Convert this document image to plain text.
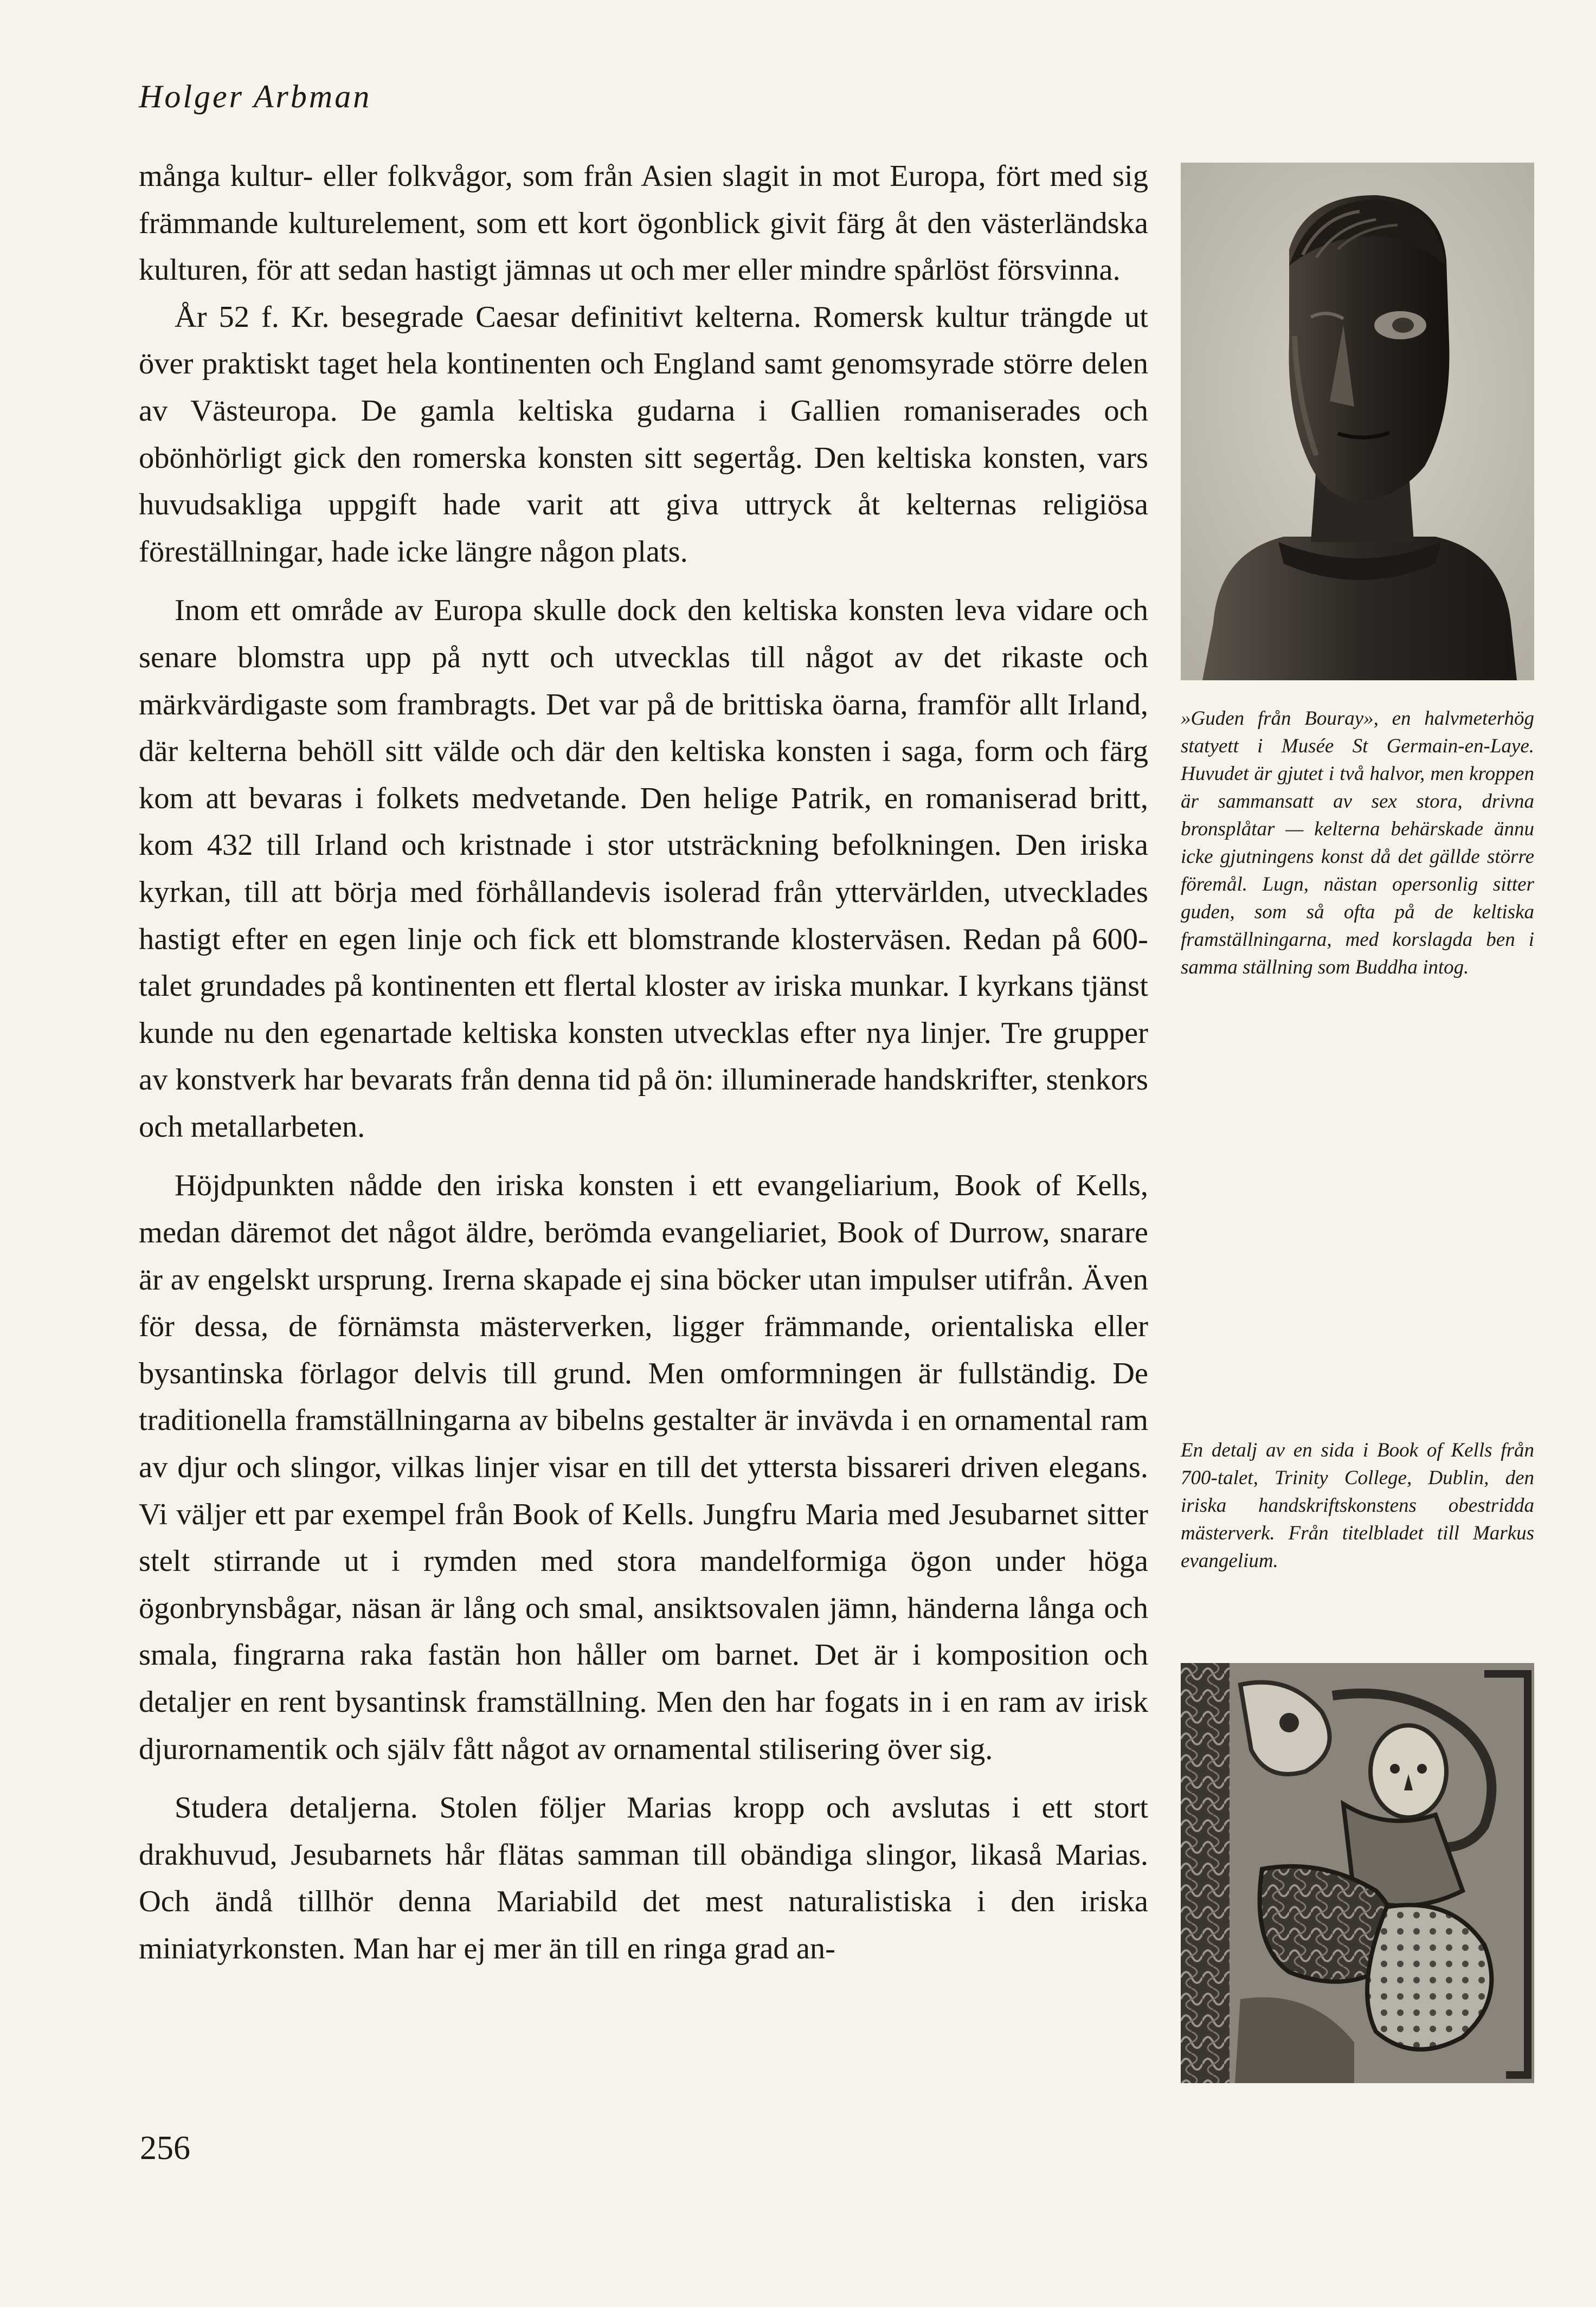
Holger Arbman

många kultur- eller folkvågor, som från Asien slagit in mot Europa, fört med sig främmande kulturelement, som ett kort ögonblick givit färg åt den västerländska kulturen, för att sedan hastigt jämnas ut och mer eller mindre spårlöst försvinna.

År 52 f. Kr. besegrade Caesar definitivt kelterna. Romersk kultur trängde ut över praktiskt taget hela kontinenten och England samt genomsyrade större delen av Västeuropa. De gamla keltiska gudarna i Gallien romaniserades och obönhörligt gick den romerska konsten sitt segertåg. Den keltiska konsten, vars huvudsakliga uppgift hade varit att giva uttryck åt kelternas religiösa föreställningar, hade icke längre någon plats.

Inom ett område av Europa skulle dock den keltiska konsten leva vidare och senare blomstra upp på nytt och utvecklas till något av det rikaste och märkvärdigaste som frambragts. Det var på de brittiska öarna, framför allt Irland, där kelterna behöll sitt välde och där den keltiska konsten i saga, form och färg kom att bevaras i folkets medvetande. Den helige Patrik, en romaniserad britt, kom 432 till Irland och kristnade i stor utsträckning befolkningen. Den iriska kyrkan, till att börja med förhållandevis isolerad från yttervärlden, utvecklades hastigt efter en egen linje och fick ett blomstrande klosterväsen. Redan på 600-talet grundades på kontinenten ett flertal kloster av iriska munkar. I kyrkans tjänst kunde nu den egenartade keltiska konsten utvecklas efter nya linjer. Tre grupper av konstverk har bevarats från denna tid på ön: illuminerade handskrifter, stenkors och metallarbeten.

Höjdpunkten nådde den iriska konsten i ett evangeliarium, Book of Kells, medan däremot det något äldre, berömda evangeliariet, Book of Durrow, snarare är av engelskt ursprung. Irerna skapade ej sina böcker utan impulser utifrån. Även för dessa, de förnämsta mästerverken, ligger främmande, orientaliska eller bysantinska förlagor delvis till grund. Men omformningen är fullständig. De traditionella framställningarna av bibelns gestalter är invävda i en ornamental ram av djur och slingor, vilkas linjer visar en till det yttersta bissareri driven elegans. Vi väljer ett par exempel från Book of Kells. Jungfru Maria med Jesubarnet sitter stelt stirrande ut i rymden med stora mandelformiga ögon under höga ögonbrynsbågar, näsan är lång och smal, ansiktsovalen jämn, händerna långa och smala, fingrarna raka fastän hon håller om barnet. Det är i komposition och detaljer en rent bysantinsk framställning. Men den har fogats in i en ram av irisk djurornamentik och själv fått något av ornamental stilisering över sig.

Studera detaljerna. Stolen följer Marias kropp och avslutas i ett stort drakhuvud, Jesubarnets hår flätas samman till obändiga slingor, likaså Marias. Och ändå tillhör denna Mariabild det mest naturalistiska i den iriska miniatyrkonsten. Man har ej mer än till en ringa grad an-

»Guden från Bouray», en halvmeterhög statyett i Musée St Germain-en-Laye. Huvudet är gjutet i två halvor, men kroppen är sammansatt av sex stora, drivna bronsplåtar — kelterna behärskade ännu icke gjutningens konst då det gällde större föremål. Lugn, nästan opersonlig sitter guden, som så ofta på de keltiska framställningarna, med korslagda ben i samma ställning som Buddha intog.
En detalj av en sida i Book of Kells från 700-talet, Trinity College, Dublin, den iriska handskriftskonstens obestridda mästerverk. Från titelbladet till Markus evangelium.
256
